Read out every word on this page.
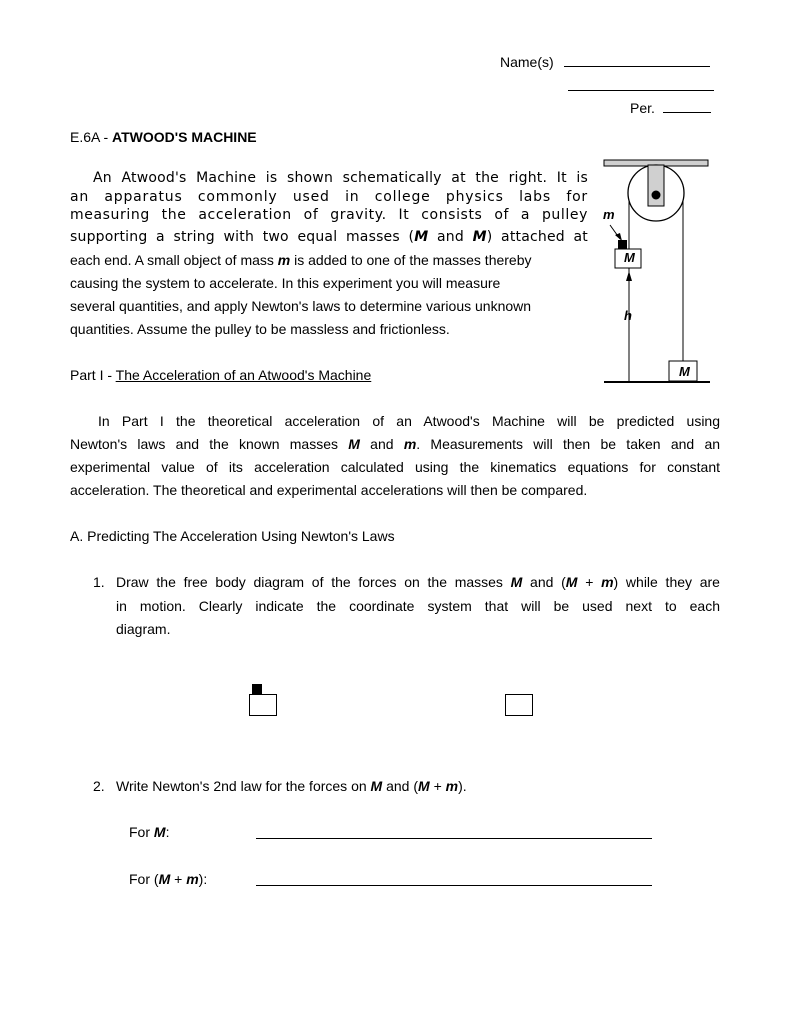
Name(s)
Per.
E.6A - ATWOOD'S MACHINE
An Atwood's Machine is shown schematically at the right. It is
an apparatus commonly used in college physics labs for
measuring the acceleration of gravity. It consists of a pulley
supporting a string with two equal masses (M and M) attached at
each end. A small object of mass m is added to one of the masses thereby
causing the system to accelerate. In this experiment you will measure
several quantities, and apply Newton's laws to determine various unknown
quantities. Assume the pulley to be massless and frictionless.
m
M
h
M
Part I - The Acceleration of an Atwood's Machine
In Part I the theoretical acceleration of an Atwood's Machine will be predicted using
Newton's laws and the known masses M and m. Measurements will then be taken and an
experimental value of its acceleration calculated using the kinematics equations for constant
acceleration. The theoretical and experimental accelerations will then be compared.
A. Predicting The Acceleration Using Newton's Laws
1. Draw the free body diagram of the forces on the masses M and (M + m) while they are
in motion. Clearly indicate the coordinate system that will be used next to each
diagram.
2. Write Newton's 2nd law for the forces on M and (M + m).
For M:
For (M + m):
